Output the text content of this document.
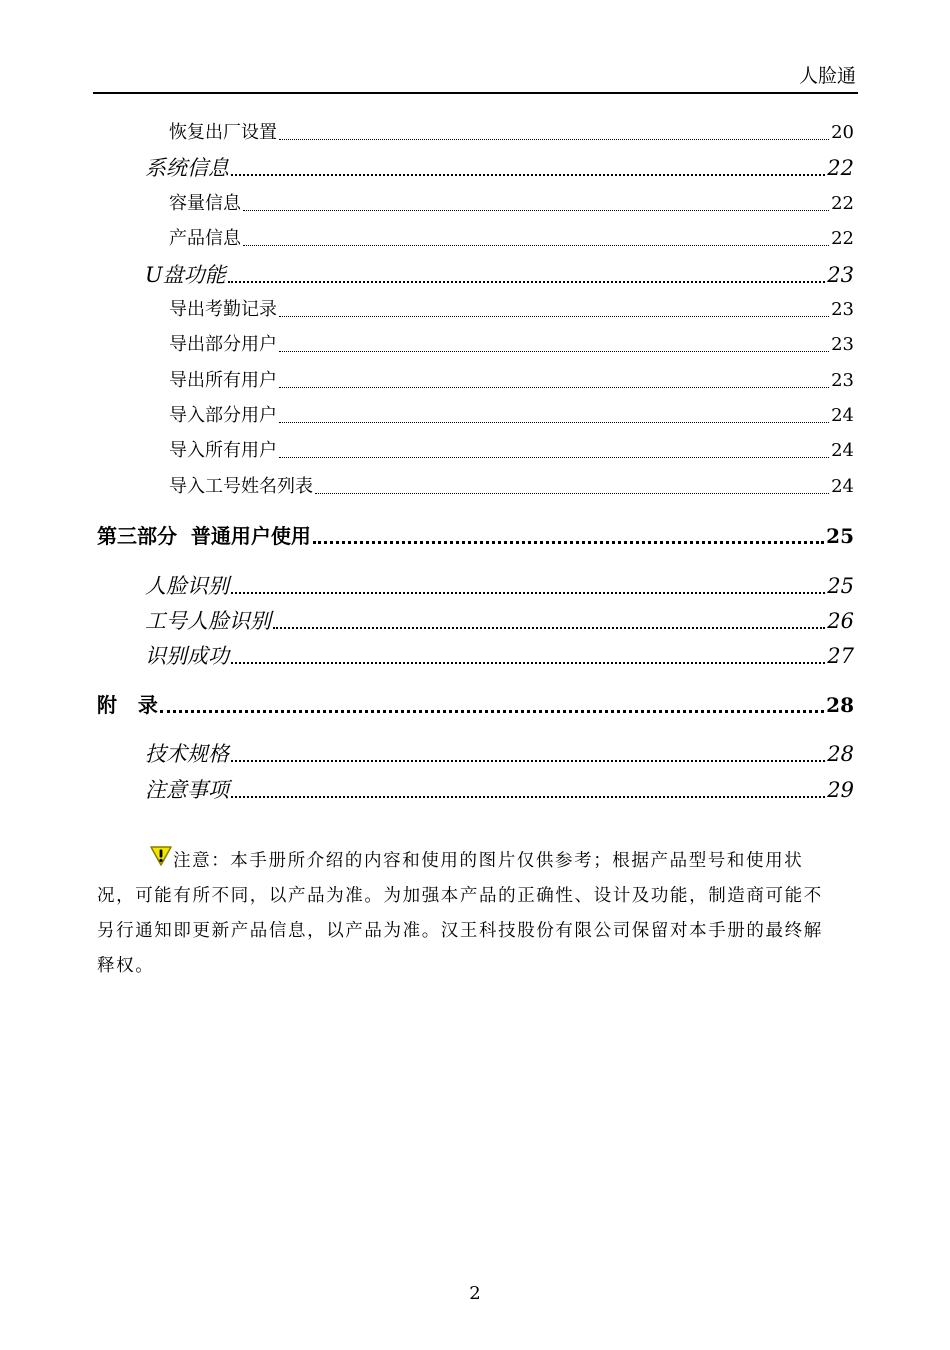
人脸通
恢复出厂设置	20
系统信息	22
容量信息	22
产品信息	22
U盘功能	23
导出考勤记录	23
导出部分用户	23
导出所有用户	23
导入部分用户	24
导入所有用户	24
导入工号姓名列表	24
第三部分  普通用户使用	25
人脸识别	25
工号人脸识别	26
识别成功	27
附   录	28
技术规格	28
注意事项	29
注意：本手册所介绍的内容和使用的图片仅供参考；根据产品型号和使用状况，可能有所不同，以产品为准。为加强本产品的正确性、设计及功能，制造商可能不另行通知即更新产品信息，以产品为准。汉王科技股份有限公司保留对本手册的最终解释权。
2
